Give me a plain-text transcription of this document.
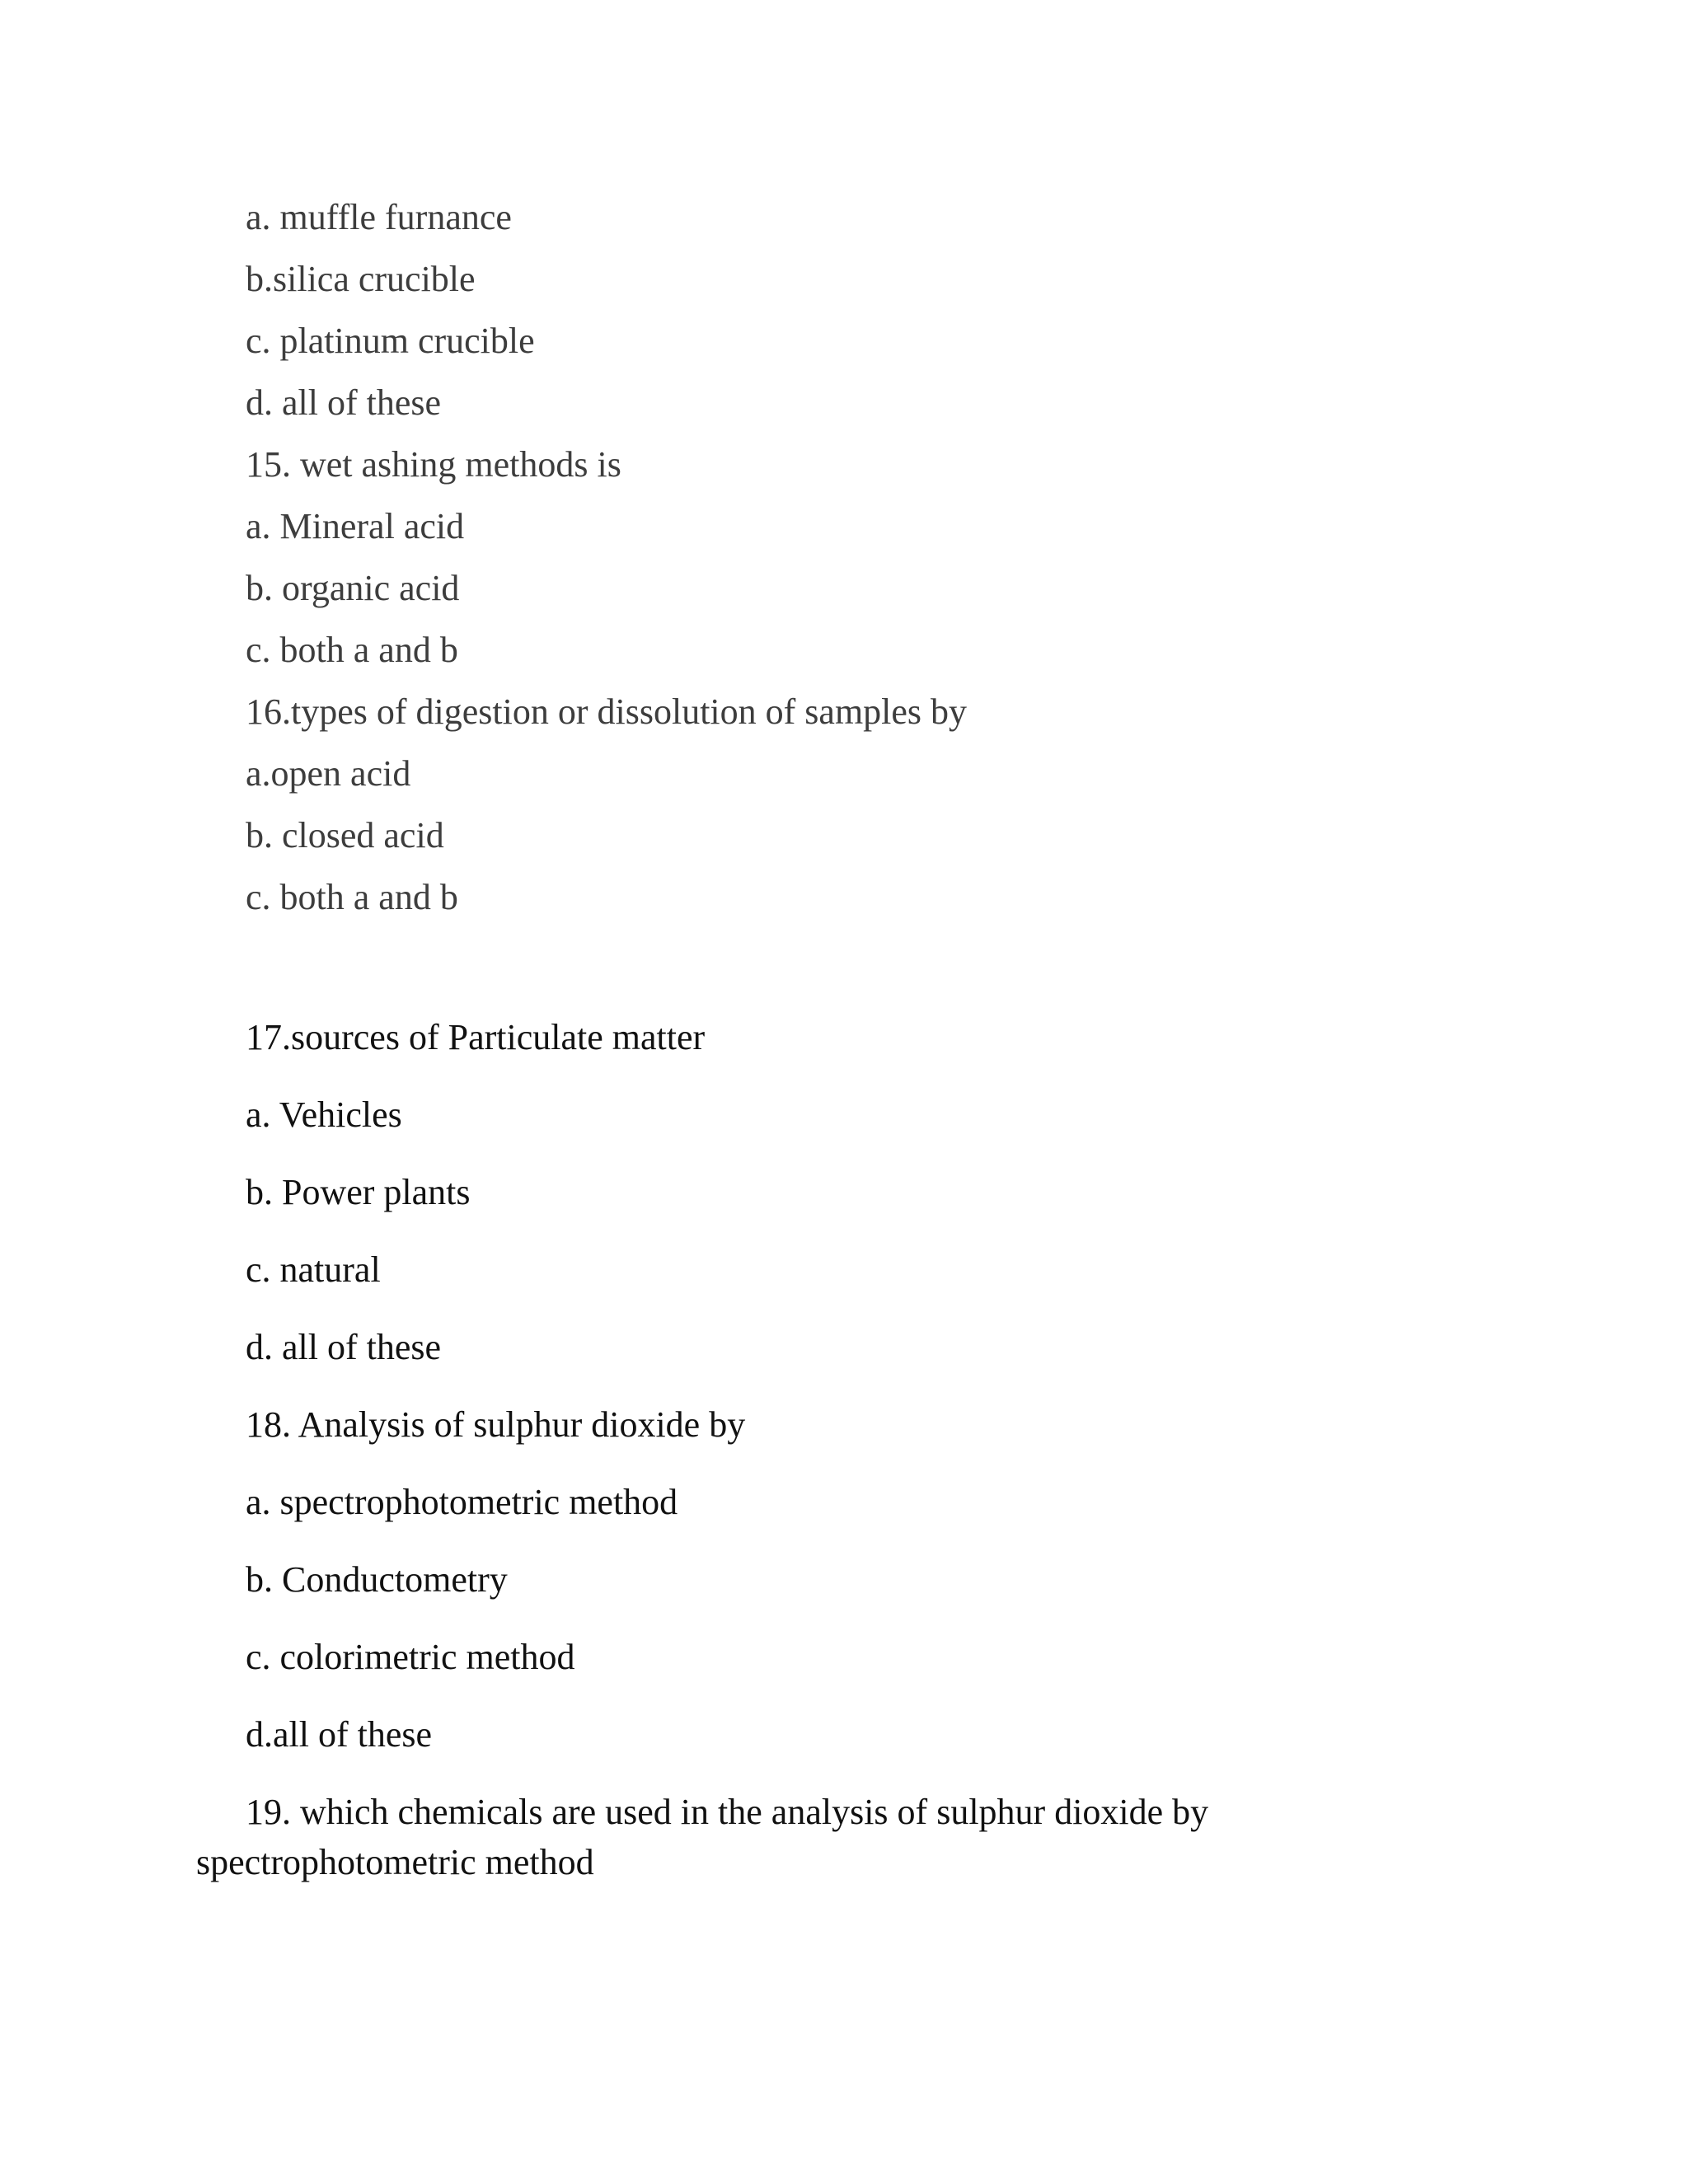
a. muffle furnance
b.silica crucible
c. platinum crucible
d. all of these
15. wet ashing methods is
a. Mineral acid
b. organic acid
c. both a and b
16.types of digestion or dissolution of samples by
a.open acid
b. closed acid
c. both a and b
17.sources of Particulate matter
a. Vehicles
b. Power plants
c. natural
d. all of these
18. Analysis of sulphur dioxide by
a. spectrophotometric method
b. Conductometry
c. colorimetric method
d.all of these
19. which chemicals are used in the analysis of sulphur dioxide by
spectrophotometric method
